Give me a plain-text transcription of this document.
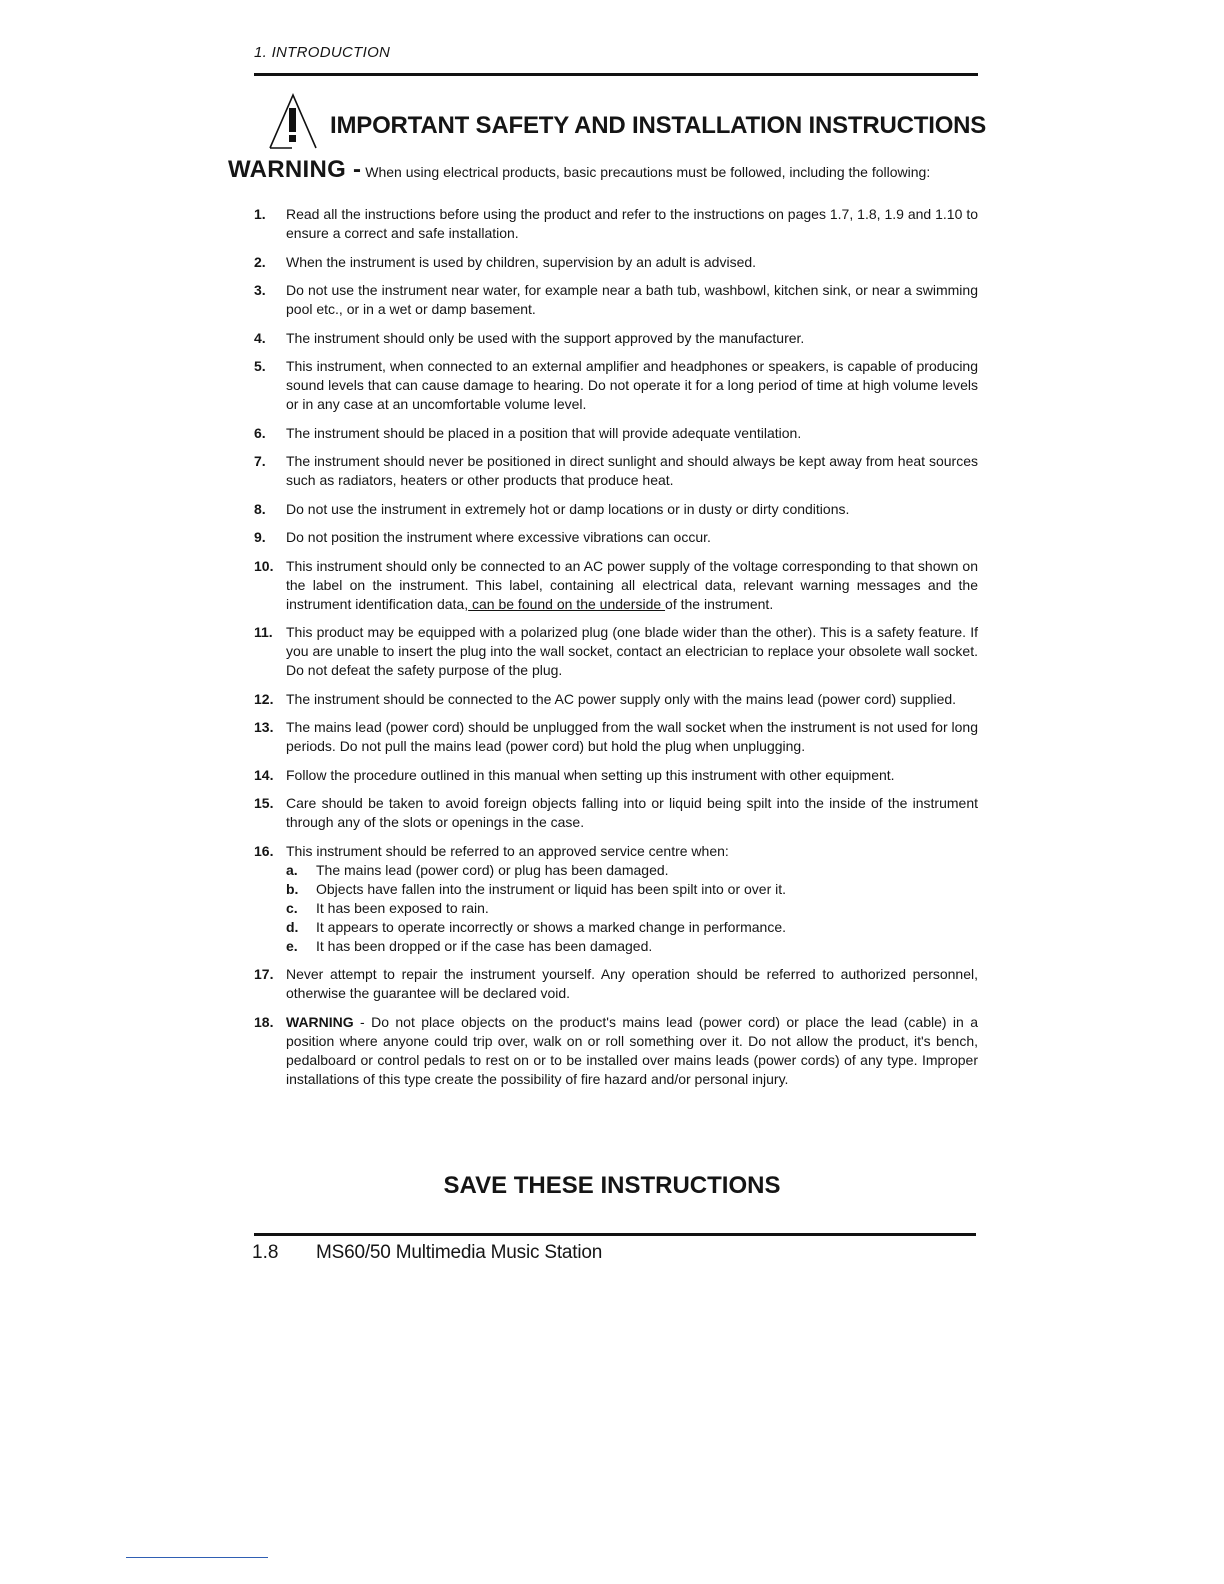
1. INTRODUCTION
IMPORTANT SAFETY AND INSTALLATION INSTRUCTIONS
WARNING - When using electrical products, basic precautions must be followed, including the following:
1.	Read all the instructions before using the product and refer to the instructions on pages 1.7, 1.8, 1.9 and 1.10 to ensure a correct and safe installation.
2.	When the instrument is used by children, supervision by an adult is advised.
3.	Do not use the instrument near water, for example near a bath tub, washbowl, kitchen sink, or near a swimming pool etc., or in a wet or damp basement.
4.	The instrument should only be used with the support approved by the manufacturer.
5.	This instrument, when connected to an external amplifier and headphones or speakers, is capable of producing sound levels that can cause damage to hearing. Do not operate it for a long period of time at high volume levels or in any case at an uncomfortable volume level.
6.	The instrument should be placed in a position that will provide adequate ventilation.
7.	The instrument should never be positioned in direct sunlight and should always be kept away from heat sources such as radiators, heaters or other products that produce heat.
8.	Do not use the instrument in extremely hot or damp locations or in dusty or dirty conditions.
9.	Do not position the instrument where excessive vibrations can occur.
10. This instrument should only be connected to an AC power supply of the voltage corresponding to that shown on the label on the instrument. This label, containing all electrical data, relevant warning messages and the instrument identification data, can be found on the underside of the instrument.
11. This product may be equipped with a polarized plug (one blade wider than the other). This is a safety feature. If you are unable to insert the plug into the wall socket, contact an electrician to replace your obsolete wall socket. Do not defeat the safety purpose of the plug.
12. The instrument should be connected to the AC power supply only with the mains lead (power cord) supplied.
13. The mains lead (power cord) should be unplugged from the wall socket when the instrument is not used for long periods. Do not pull the mains lead (power cord) but hold the plug when unplugging.
14. Follow the procedure outlined in this manual when setting up this instrument with other equipment.
15. Care should be taken to avoid foreign objects falling into or liquid being spilt into the inside of the instrument through any of the slots or openings in the case.
16. This instrument should be referred to an approved service centre when:
a. The mains lead (power cord) or plug has been damaged.
b. Objects have fallen into the instrument or liquid has been spilt into or over it.
c. It has been exposed to rain.
d. It appears to operate incorrectly or shows a marked change in performance.
e. It has been dropped or if the case has been damaged.
17. Never attempt to repair the instrument yourself. Any operation should be referred to authorized personnel, otherwise the guarantee will be declared void.
18. WARNING - Do not place objects on the product's mains lead (power cord) or place the lead (cable) in a position where anyone could trip over, walk on or roll something over it. Do not allow the product, it's bench, pedalboard or control pedals to rest on or to be installed over mains leads (power cords) of any type. Improper installations of this type create the possibility of fire hazard and/or personal injury.
SAVE THESE INSTRUCTIONS
1.8 MS60/50 Multimedia Music Station
